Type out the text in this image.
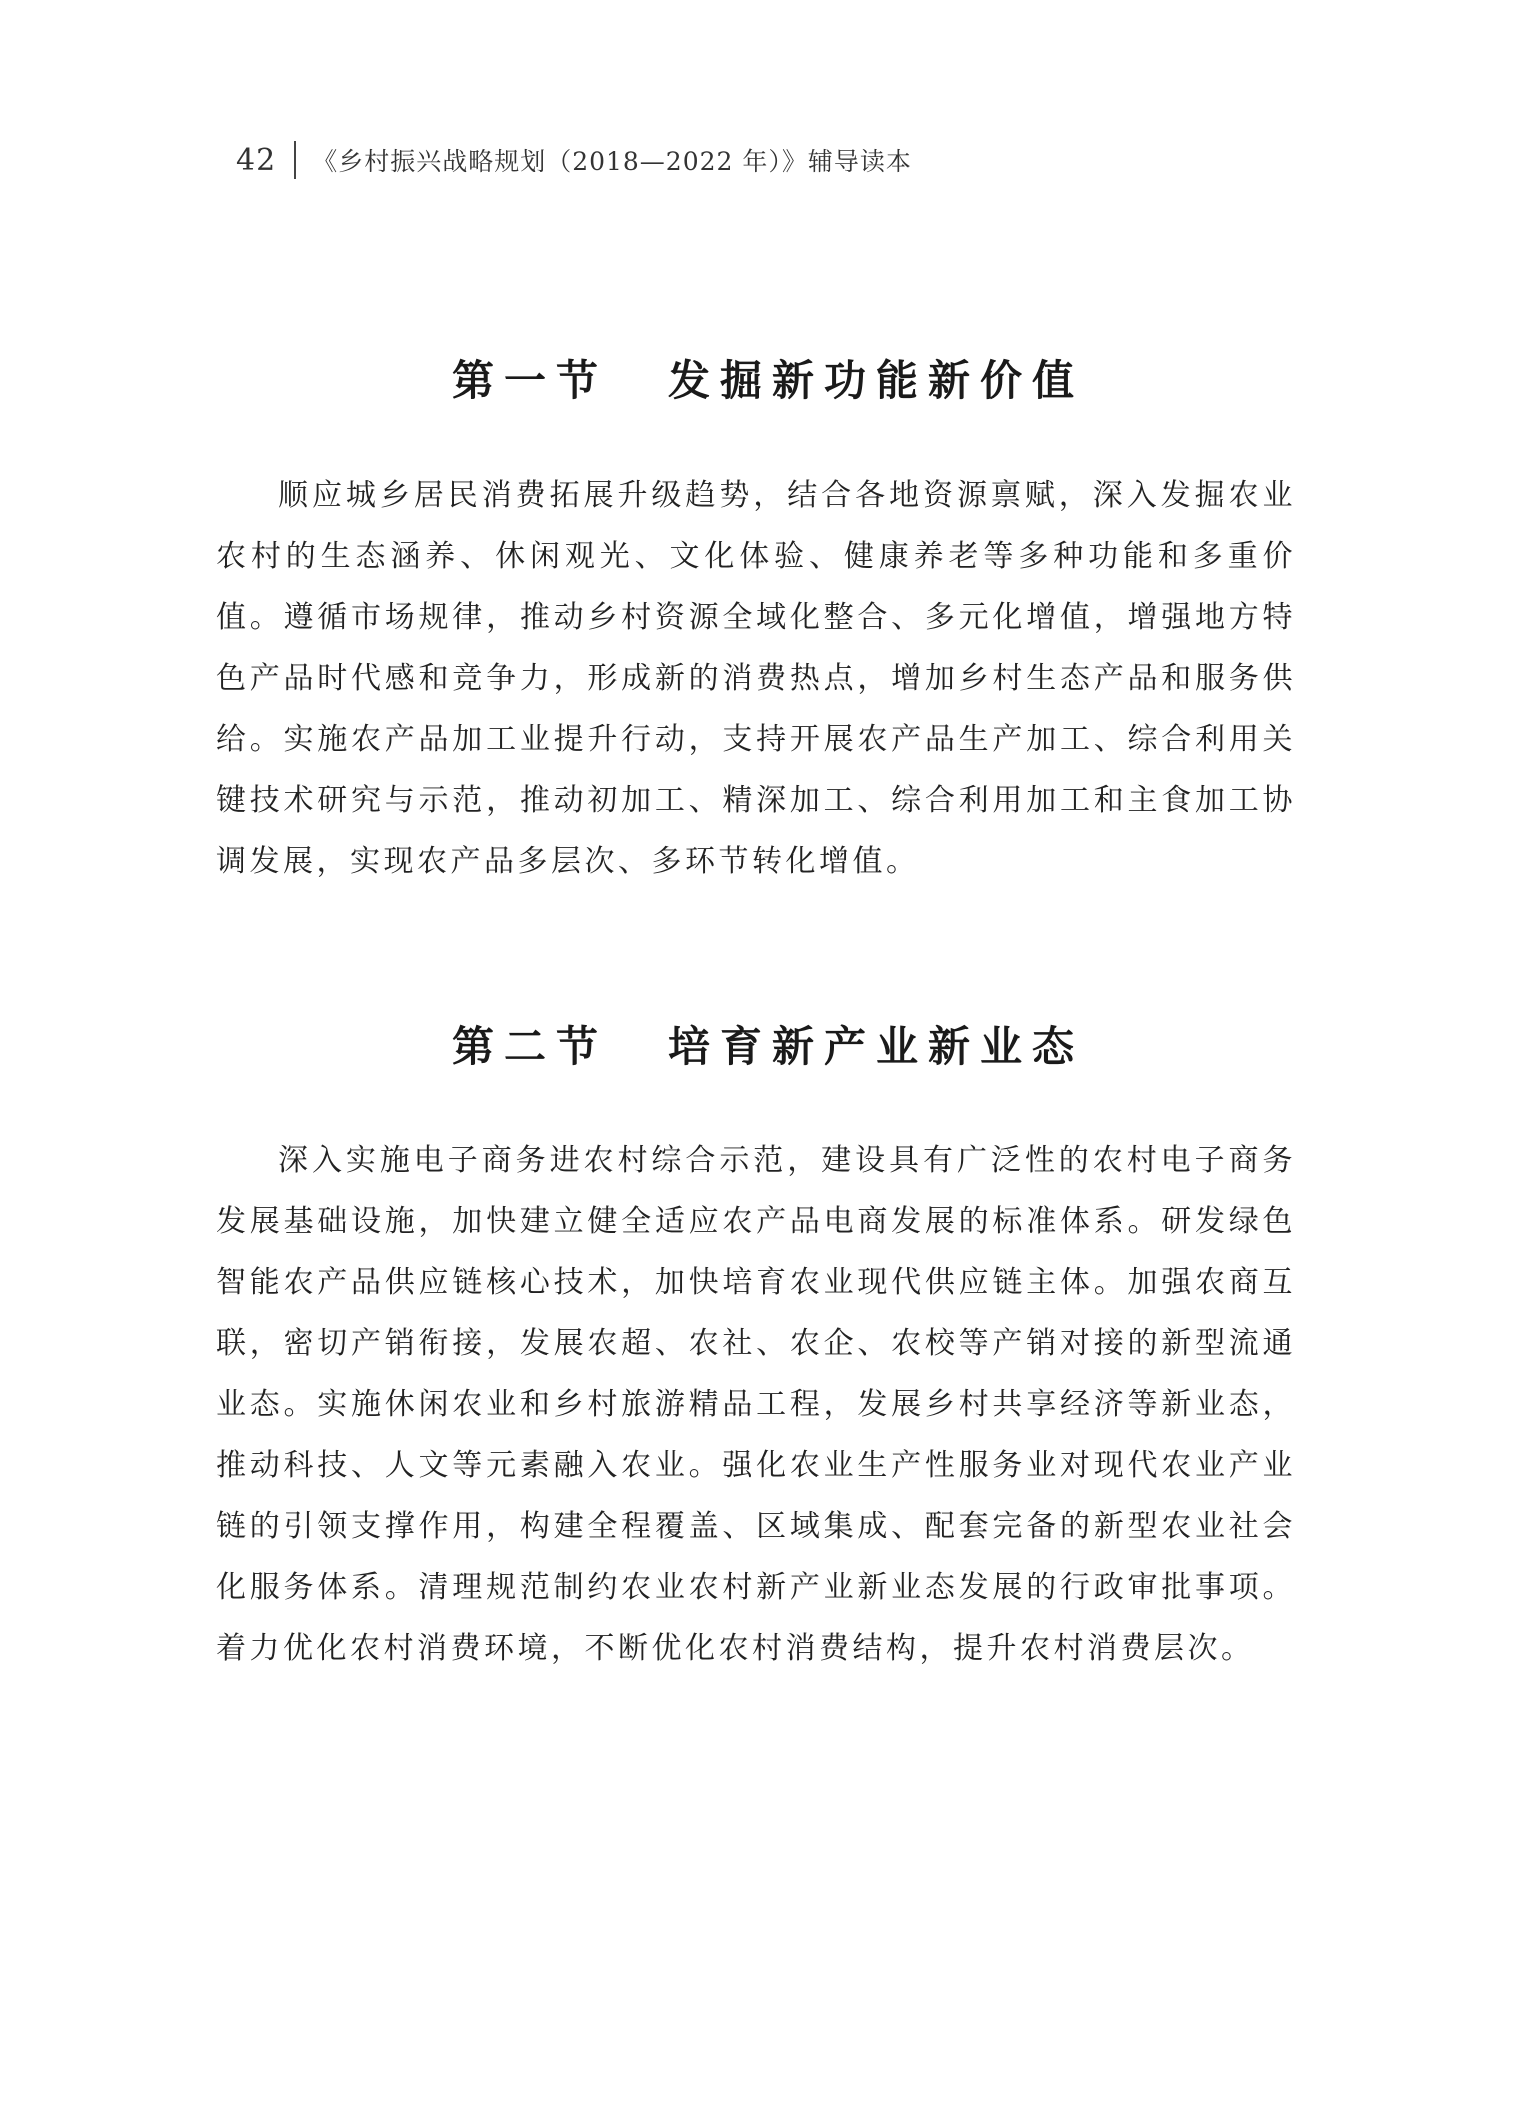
42 《乡村振兴战略规划（2018—2022 年）》辅导读本
第一节 发掘新功能新价值

顺应城乡居民消费拓展升级趋势，结合各地资源禀赋，深入发掘农业农村的生态涵养、休闲观光、文化体验、健康养老等多种功能和多重价值。遵循市场规律，推动乡村资源全域化整合、多元化增值，增强地方特色产品时代感和竞争力，形成新的消费热点，增加乡村生态产品和服务供给。实施农产品加工业提升行动，支持开展农产品生产加工、综合利用关键技术研究与示范，推动初加工、精深加工、综合利用加工和主食加工协调发展，实现农产品多层次、多环节转化增值。

第二节 培育新产业新业态

深入实施电子商务进农村综合示范，建设具有广泛性的农村电子商务发展基础设施，加快建立健全适应农产品电商发展的标准体系。研发绿色智能农产品供应链核心技术，加快培育农业现代供应链主体。加强农商互联，密切产销衔接，发展农超、农社、农企、农校等产销对接的新型流通业态。实施休闲农业和乡村旅游精品工程，发展乡村共享经济等新业态，推动科技、人文等元素融入农业。强化农业生产性服务业对现代农业产业链的引领支撑作用，构建全程覆盖、区域集成、配套完备的新型农业社会化服务体系。清理规范制约农业农村新产业新业态发展的行政审批事项。着力优化农村消费环境，不断优化农村消费结构，提升农村消费层次。
